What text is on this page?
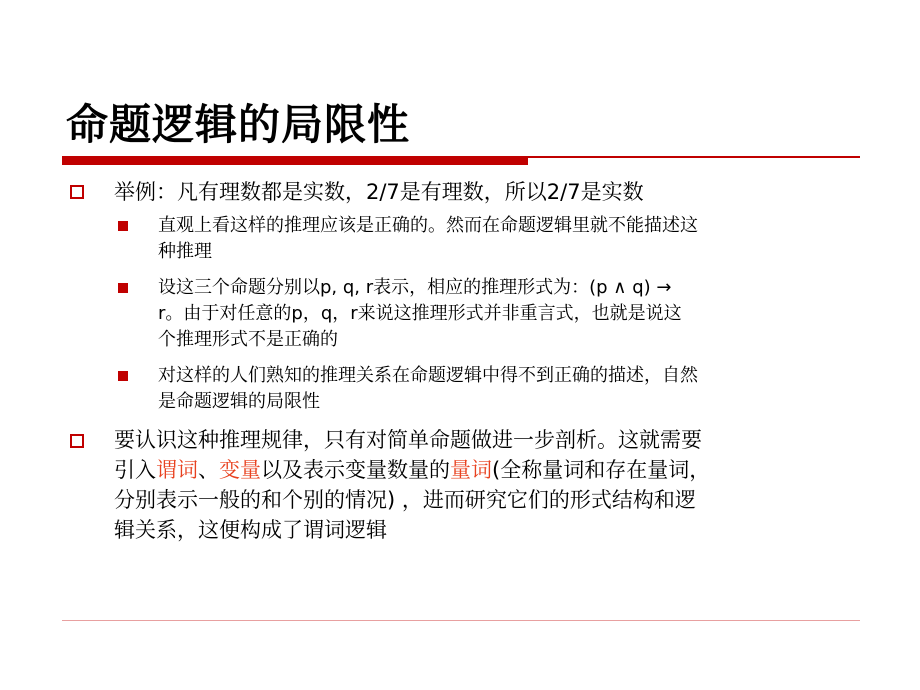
命题逻辑的局限性
举例：凡有理数都是实数，2/7是有理数，所以2/7是实数
直观上看这样的推理应该是正确的。然而在命题逻辑里就不能描述这
种推理
设这三个命题分别以p, q, r表示，相应的推理形式为：(p ∧ q) →
r。由于对任意的p，q，r来说这推理形式并非重言式，也就是说这
个推理形式不是正确的
对这样的人们熟知的推理关系在命题逻辑中得不到正确的描述，自然
是命题逻辑的局限性
要认识这种推理规律，只有对简单命题做进一步剖析。这就需要
引入谓词、变量以及表示变量数量的量词(全称量词和存在量词，
分别表示一般的和个别的情况) ，进而研究它们的形式结构和逻
辑关系，这便构成了谓词逻辑
